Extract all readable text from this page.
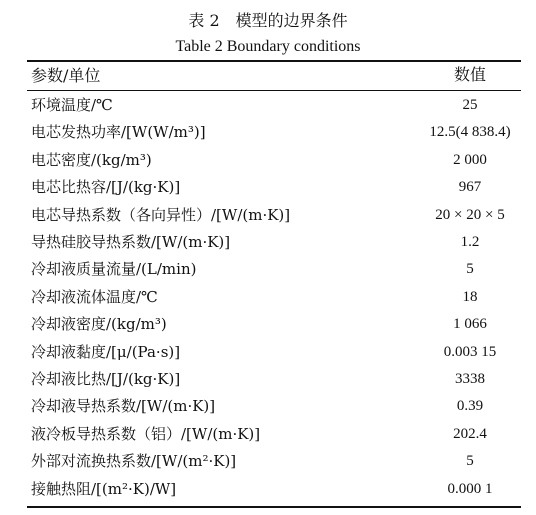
表 2　模型的边界条件
Table 2 Boundary conditions
参数/单位	数值
环境温度/℃	25
电芯发热功率/[W(W/m³)]	12.5(4 838.4)
电芯密度/(kg/m³)	2 000
电芯比热容/[J/(kg·K)]	967
电芯导热系数（各向异性）/[W/(m·K)]	20 × 20 × 5
导热硅胶导热系数/[W/(m·K)]	1.2
冷却液质量流量/(L/min)	5
冷却液流体温度/℃	18
冷却液密度/(kg/m³)	1 066
冷却液黏度/[μ/(Pa·s)]	0.003 15
冷却液比热/[J/(kg·K)]	3338
冷却液导热系数/[W/(m·K)]	0.39
液冷板导热系数（铝）/[W/(m·K)]	202.4
外部对流换热系数/[W/(m²·K)]	5
接触热阻/[(m²·K)/W]	0.000 1
